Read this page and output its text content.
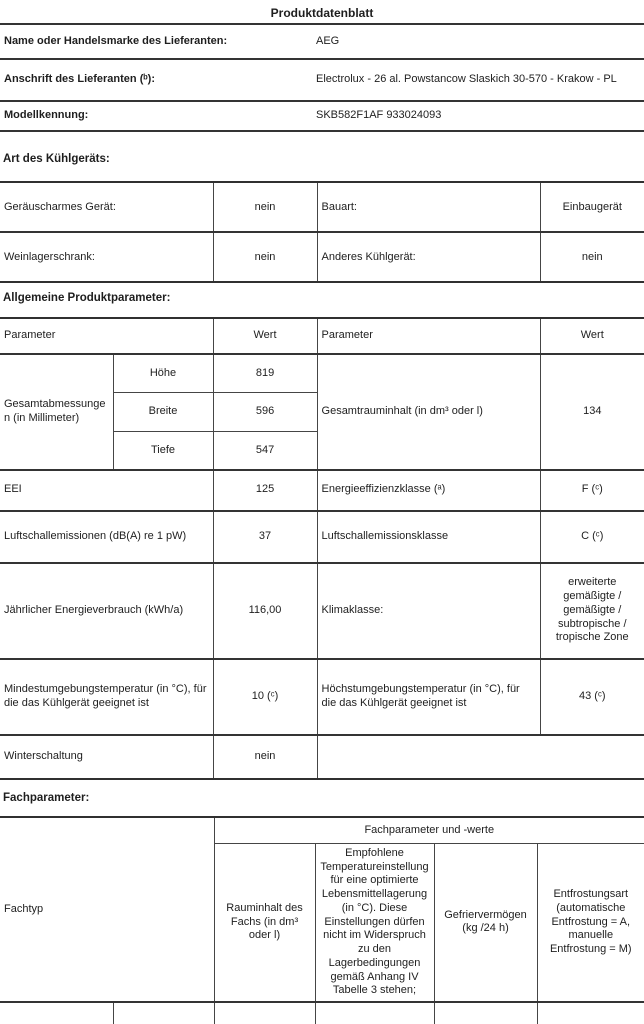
Produktdatenblatt
Name oder Handelsmarke des Lieferanten:	AEG
Anschrift des Lieferanten (ᵇ):	Electrolux - 26 al. Powstancow Slaskich 30-570 - Krakow - PL
Modellkennung:	SKB582F1AF 933024093
Art des Kühlgeräts:
Geräuscharmes Gerät:	nein	Bauart:	Einbaugerät
Weinlagerschrank:	nein	Anderes Kühlgerät:	nein
Allgemeine Produktparameter:
Parameter		Wert	Parameter	Wert
Gesamtabmessungen (in Millimeter)	Höhe	819	Gesamtrauminhalt (in dm³ oder l)	134
	Breite	596		
	Tiefe	547		
EEI		125	Energieeffizienzklasse (ᵃ)	F (ᶜ)
Luftschallemissionen (dB(A) re 1 pW)		37	Luftschallemissionsklasse	C (ᶜ)
Jährlicher Energieverbrauch (kWh/a)		116,00	Klimaklasse:	erweiterte gemäßigte / gemäßigte / subtropische / tropische Zone
Mindestumgebungstemperatur (in °C), für die das Kühlgerät geeignet ist		10 (ᶜ)	Höchstumgebungstemperatur (in °C), für die das Kühlgerät geeignet ist	43 (ᶜ)
Winterschaltung		nein		
Fachparameter:
Fachtyp		Fachparameter und -werte			
		Rauminhalt des Fachs (in dm³ oder l)	Empfohlene Temperatureinstellung für eine optimierte Lebensmittellagerung (in °C). Diese Einstellungen dürfen nicht im Widerspruch zu den Lagerbedingungen gemäß Anhang IV Tabelle 3 stehen;	Gefriervermögen (kg /24 h)	Entfrostungsart (automatische Entfrostung = A, manuelle Entfrostung = M)
